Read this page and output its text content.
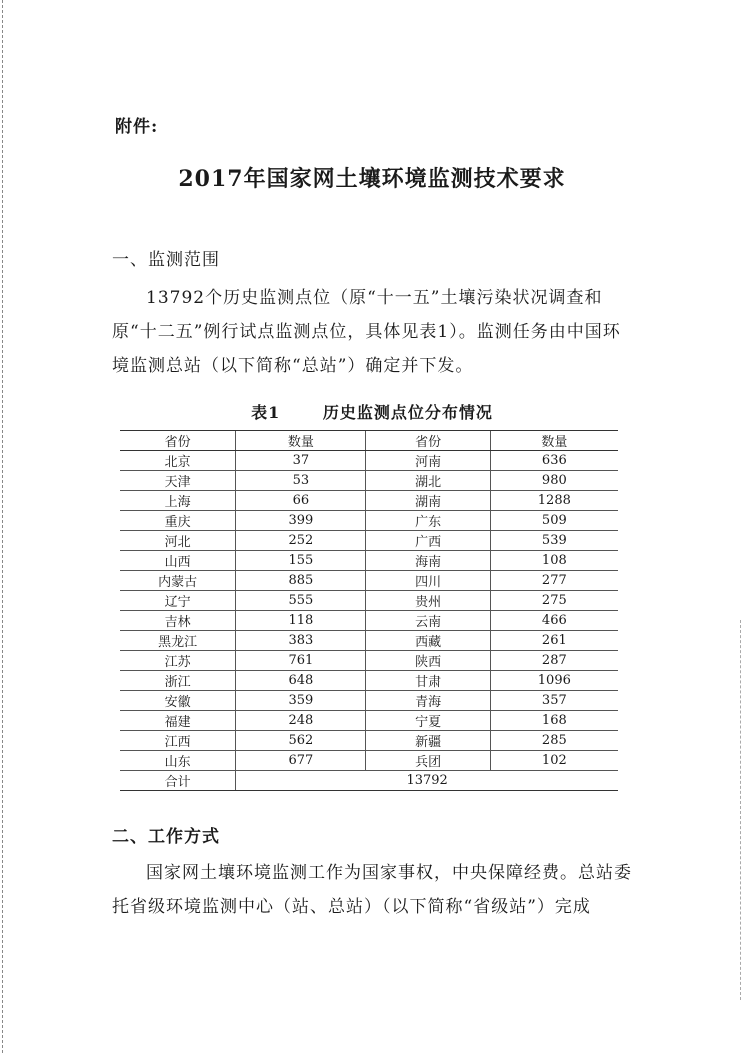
附件:
2017年国家网土壤环境监测技术要求
一、监测范围

13792个历史监测点位（原“十一五”土壤污染状况调查和原“十二五”例行试点监测点位，具体见表1）。监测任务由中国环境监测总站（以下简称“总站”）确定并下发。

表1	历史监测点位分布情况
省份	数量	省份	数量
北京	37	河南	636
天津	53	湖北	980
上海	66	湖南	1288
重庆	399	广东	509
河北	252	广西	539
山西	155	海南	108
内蒙古	885	四川	277
辽宁	555	贵州	275
吉林	118	云南	466
黑龙江	383	西藏	261
江苏	761	陕西	287
浙江	648	甘肃	1096
安徽	359	青海	357
福建	248	宁夏	168
江西	562	新疆	285
山东	677	兵团	102
合计	13792		
二、工作方式

国家网土壤环境监测工作为国家事权，中央保障经费。总站委托省级环境监测中心（站、总站）（以下简称“省级站”）完成
